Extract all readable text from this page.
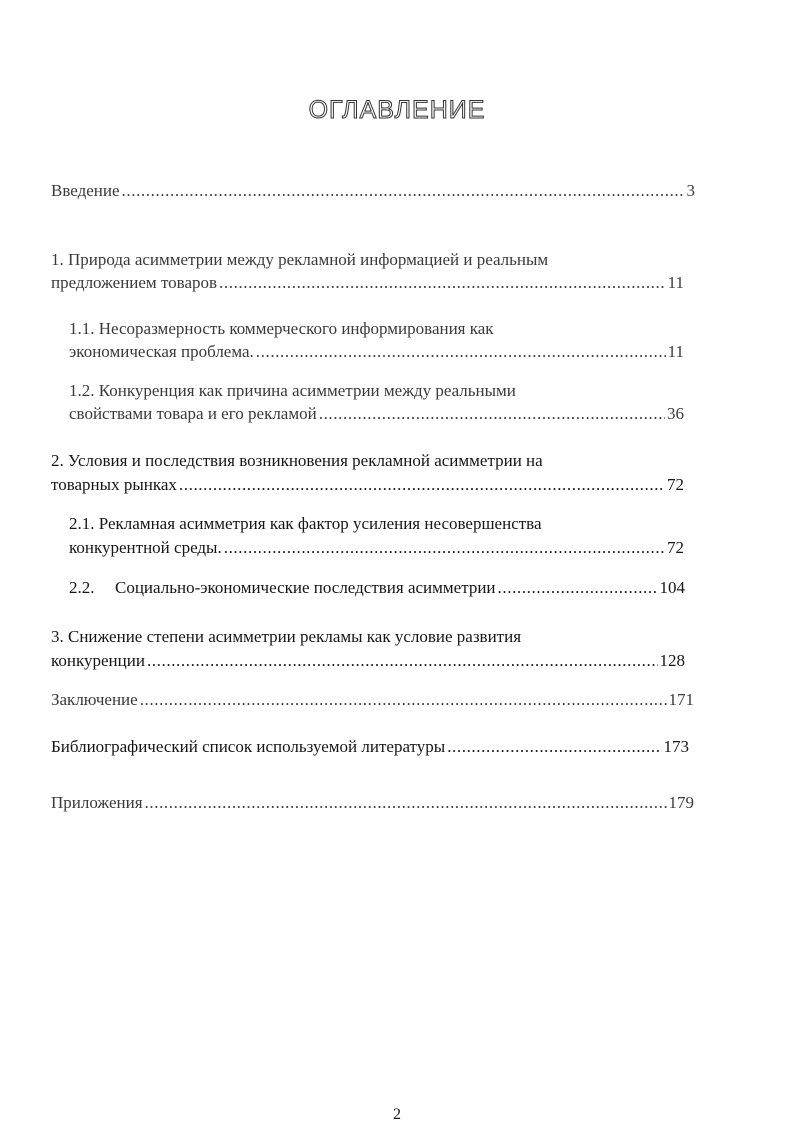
ОГЛАВЛЕНИЕ
Введение .....	3
1. Природа асимметрии между рекламной информацией и реальным
предложением товаров .....	11
1.1. Несоразмерность коммерческого информирования как
экономическая проблема. .....	11
1.2. Конкуренция как причина асимметрии между реальными
свойствами товара и его рекламой .....	36
2. Условия и последствия возникновения рекламной асимметрии на
товарных рынках .....	72
2.1. Рекламная асимметрия как фактор усиления несовершенства
конкурентной среды. .....	72
2.2.	Социально-экономические последствия асимметрии .....	104
3. Снижение степени асимметрии рекламы как условие развития
конкуренции .....	128
Заключение .....	171
Библиографический список используемой литературы .....	173
Приложения .....	179
2
